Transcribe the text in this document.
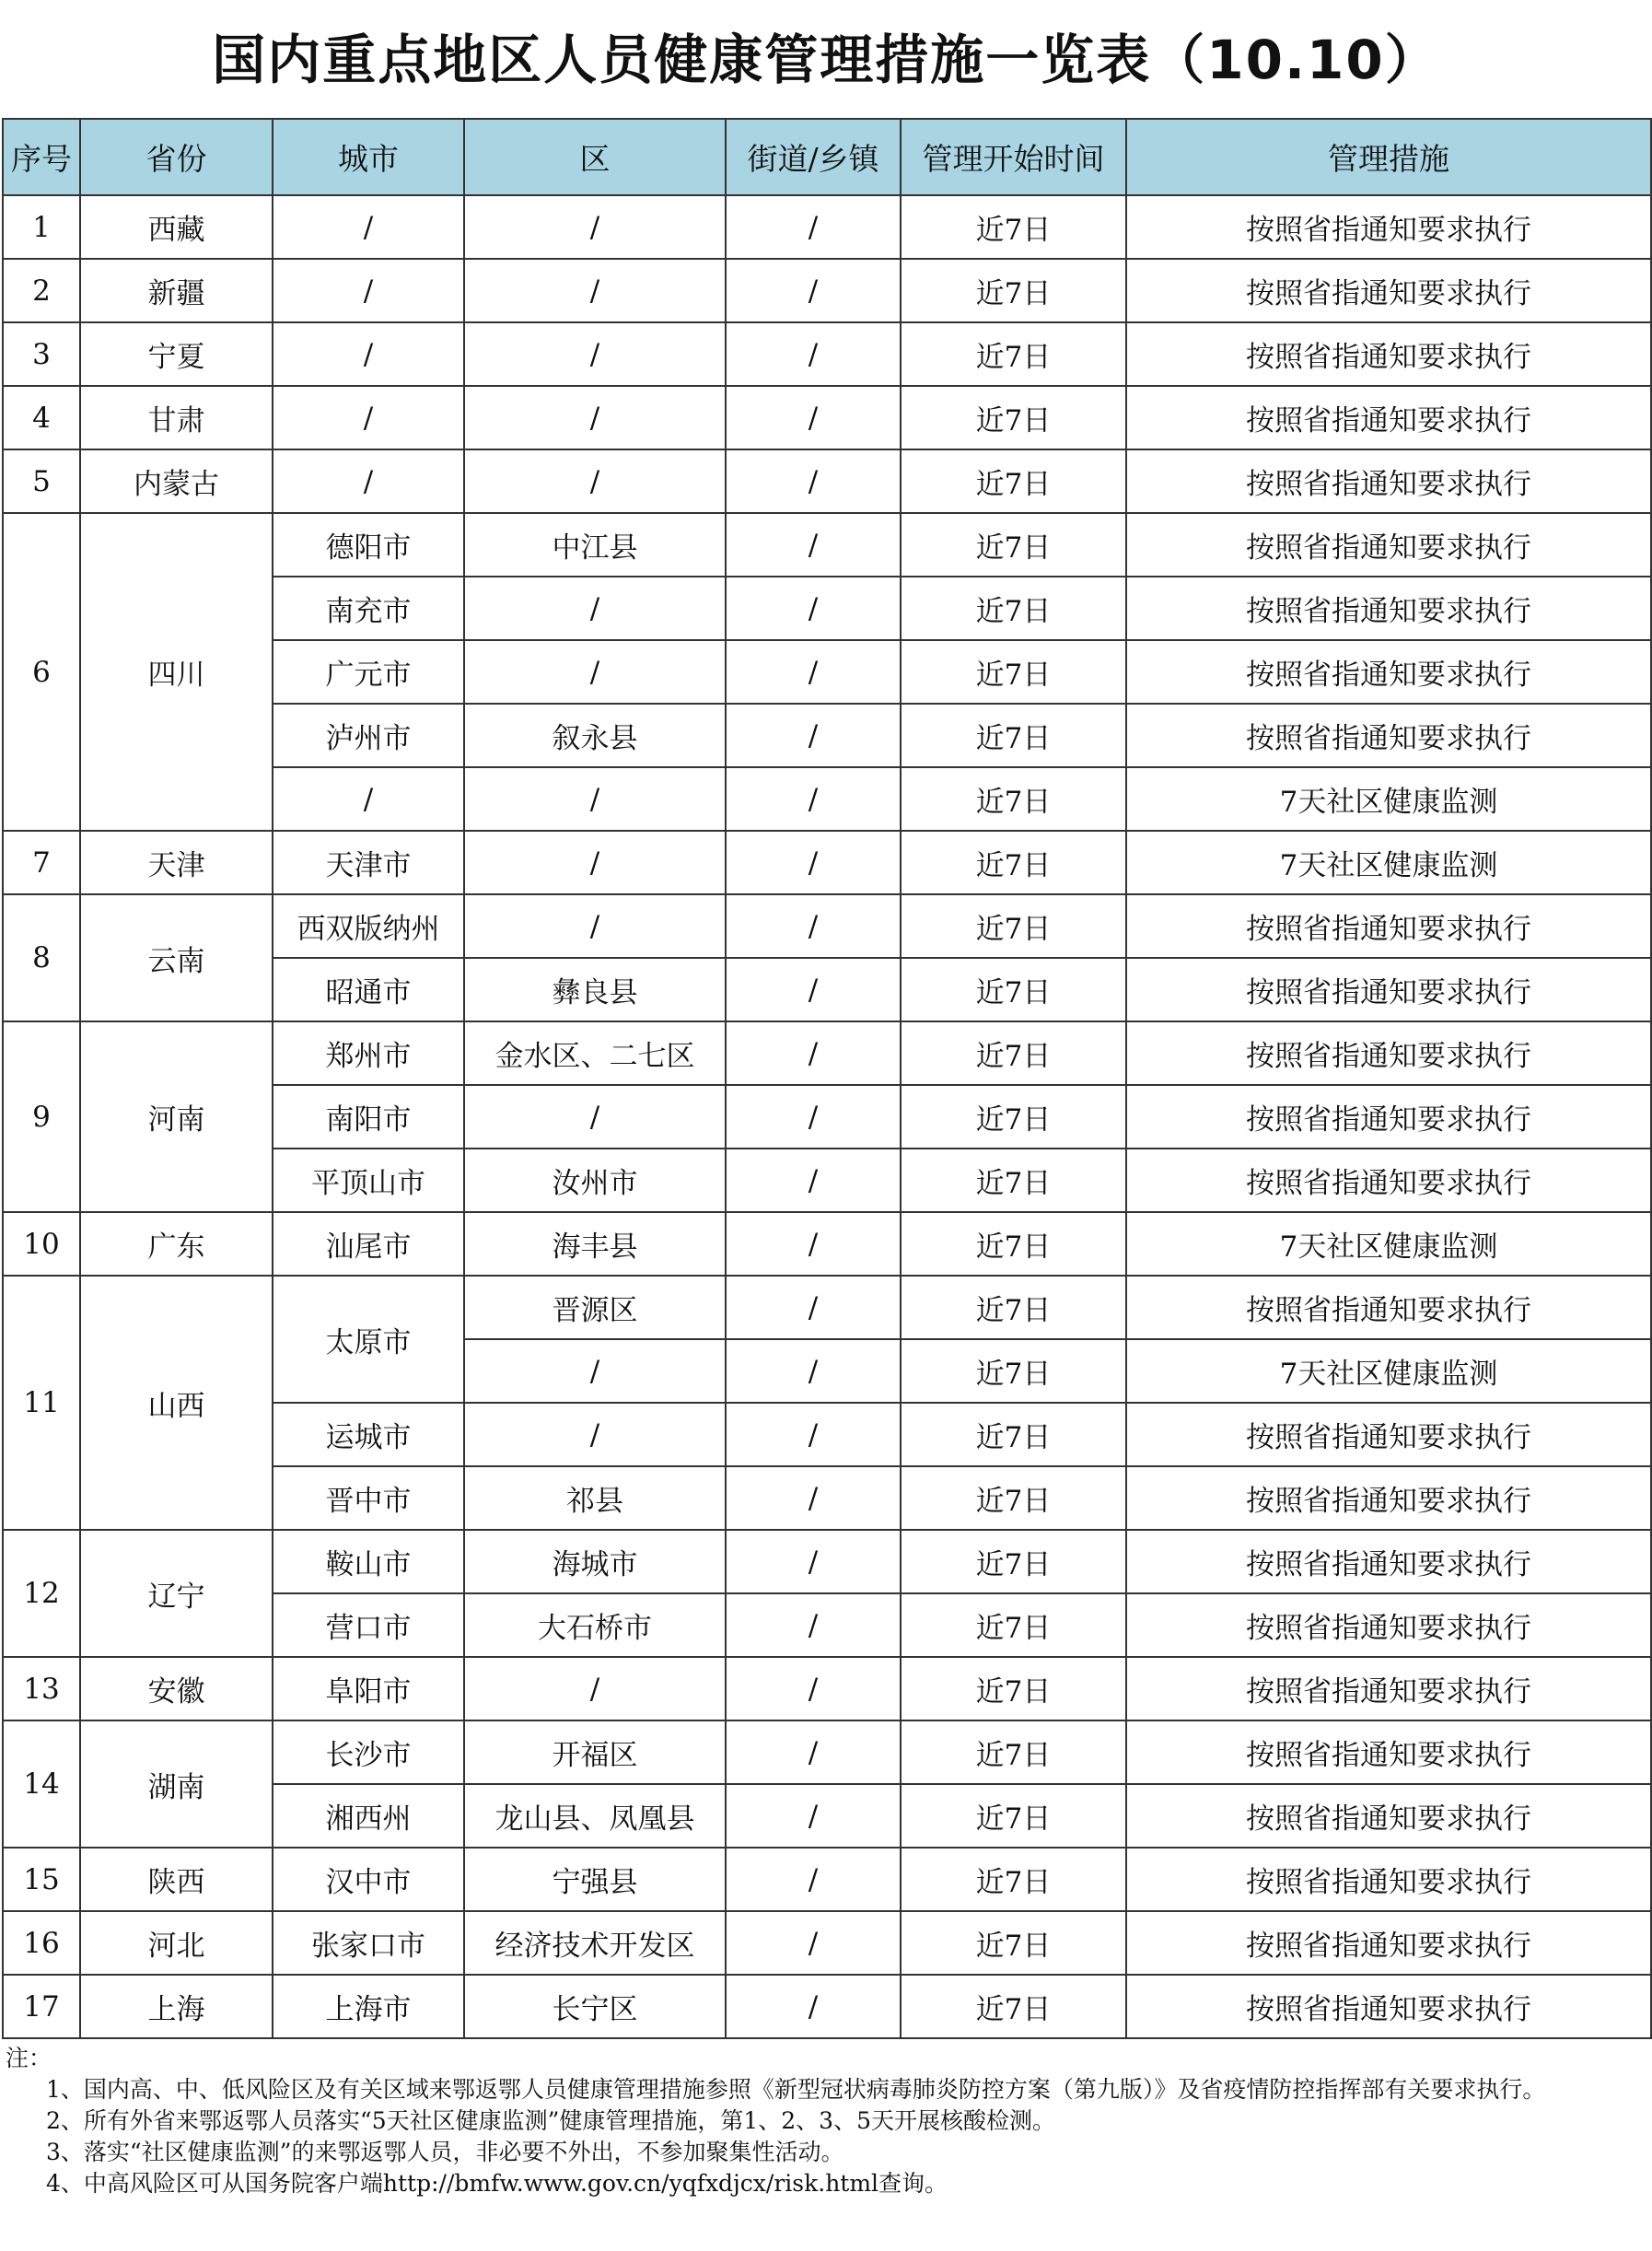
国内重点地区人员健康管理措施一览表（10.10）
序号	省份	城市	区	街道/乡镇	管理开始时间	管理措施
1	西藏	/	/	/	近7日	按照省指通知要求执行
2	新疆	/	/	/	近7日	按照省指通知要求执行
3	宁夏	/	/	/	近7日	按照省指通知要求执行
4	甘肃	/	/	/	近7日	按照省指通知要求执行
5	内蒙古	/	/	/	近7日	按照省指通知要求执行
6	四川	德阳市	中江县	/	近7日	按照省指通知要求执行
		南充市	/	/	近7日	按照省指通知要求执行
		广元市	/	/	近7日	按照省指通知要求执行
		泸州市	叙永县	/	近7日	按照省指通知要求执行
		/	/	/	近7日	7天社区健康监测
7	天津	天津市	/	/	近7日	7天社区健康监测
8	云南	西双版纳州	/	/	近7日	按照省指通知要求执行
		昭通市	彝良县	/	近7日	按照省指通知要求执行
9	河南	郑州市	金水区、二七区	/	近7日	按照省指通知要求执行
		南阳市	/	/	近7日	按照省指通知要求执行
		平顶山市	汝州市	/	近7日	按照省指通知要求执行
10	广东	汕尾市	海丰县	/	近7日	7天社区健康监测
11	山西	太原市	晋源区	/	近7日	按照省指通知要求执行
			/	/	近7日	7天社区健康监测
		运城市	/	/	近7日	按照省指通知要求执行
		晋中市	祁县	/	近7日	按照省指通知要求执行
12	辽宁	鞍山市	海城市	/	近7日	按照省指通知要求执行
		营口市	大石桥市	/	近7日	按照省指通知要求执行
13	安徽	阜阳市	/	/	近7日	按照省指通知要求执行
14	湖南	长沙市	开福区	/	近7日	按照省指通知要求执行
		湘西州	龙山县、凤凰县	/	近7日	按照省指通知要求执行
15	陕西	汉中市	宁强县	/	近7日	按照省指通知要求执行
16	河北	张家口市	经济技术开发区	/	近7日	按照省指通知要求执行
17	上海	上海市	长宁区	/	近7日	按照省指通知要求执行
注：
1、国内高、中、低风险区及有关区域来鄂返鄂人员健康管理措施参照《新型冠状病毒肺炎防控方案（第九版）》及省疫情防控指挥部有关要求执行。
2、所有外省来鄂返鄂人员落实“5天社区健康监测”健康管理措施，第1、2、3、5天开展核酸检测。
3、落实“社区健康监测”的来鄂返鄂人员，非必要不外出，不参加聚集性活动。
4、中高风险区可从国务院客户端http://bmfw.www.gov.cn/yqfxdjcx/risk.html查询。
